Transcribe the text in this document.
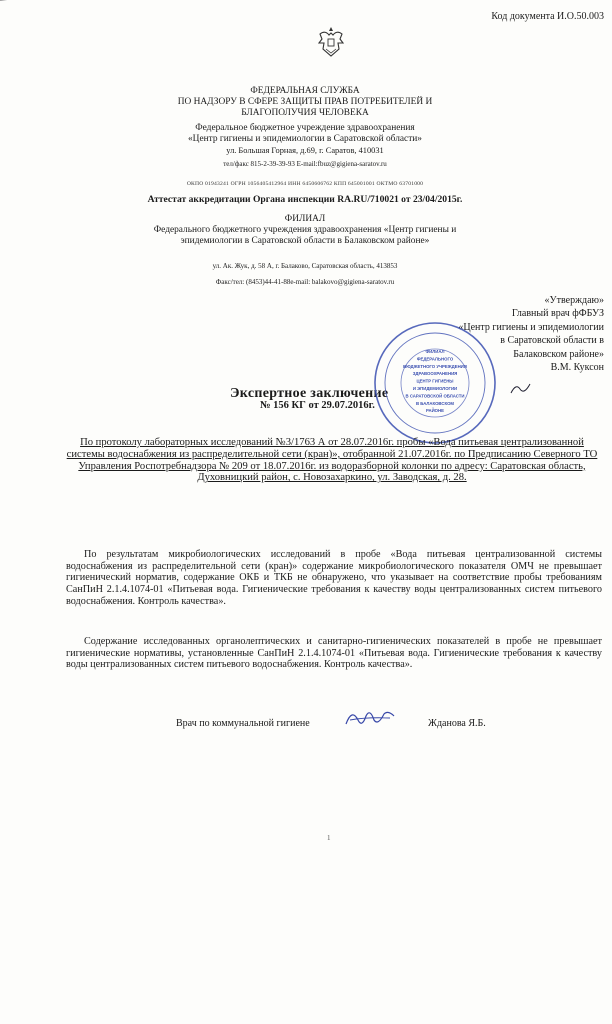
Код документа И.О.50.003
ФЕДЕРАЛЬНАЯ СЛУЖБА
ПО НАДЗОРУ В СФЕРЕ ЗАЩИТЫ ПРАВ ПОТРЕБИТЕЛЕЙ И
БЛАГОПОЛУЧИЯ ЧЕЛОВЕКА
Федеральное бюджетное учреждение здравоохранения
«Центр гигиены и эпидемиологии в Саратовской области»
ул. Большая Горная, д.69, г. Саратов, 410031
тел/факс 815-2-39-39-93 E-mail:fbuz@gigiena-saratov.ru
ОКПО 01943241 ОГРН 1056405412964 ИНН 6450606762 КПП 645001001 ОКТМО 63701000
Аттестат аккредитации Органа инспекции RA.RU/710021 от 23/04/2015г.
ФИЛИАЛ
Федерального бюджетного учреждения здравоохранения «Центр гигиены и
эпидемиологии в Саратовской области в Балаковском районе»
ул. Ак. Жук, д. 58 А, г. Балаково, Саратовская область, 413853
Факс/тел: (8453)44-41-88e-mail: balakovo@gigiena-saratov.ru
«Утверждаю»
Главный врач фФБУЗ
«Центр гигиены и эпидемиологии
в Саратовской области в
Балаковском районе»
В.М. Куксон
Экспертное заключение
№ 156 КГ от 29.07.2016г.
ФИЛИАЛ
ФЕДЕРАЛЬНОГО
БЮДЖЕТНОГО УЧРЕЖДЕНИЯ
ЗДРАВООХРАНЕНИЯ
ЦЕНТР ГИГИЕНЫ
И ЭПИДЕМИОЛОГИИ
В САРАТОВСКОЙ ОБЛАСТИ
В БАЛАКОВСКОМ
РАЙОНЕ
По протоколу лабораторных исследований №3/1763 А от 28.07.2016г. пробы «Вода питьевая централизованной системы водоснабжения из распределительной сети (кран)», отобранной 21.07.2016г. по Предписанию Северного ТО Управления Роспотребнадзора № 209 от 18.07.2016г. из водоразборной колонки по адресу: Саратовская область, Духовницкий район, с. Новозахаркино, ул. Заводская, д. 28.
По результатам микробиологических исследований в пробе «Вода питьевая централизованной системы водоснабжения из распределительной сети (кран)» содержание микробиологического показателя ОМЧ не превышает гигиенический норматив, содержание ОКБ и ТКБ не обнаружено, что указывает на соответствие пробы требованиям СанПиН 2.1.4.1074-01 «Питьевая вода. Гигиенические требования к качеству воды централизованных систем питьевого водоснабжения. Контроль качества».
Содержание исследованных органолептических и санитарно-гигиенических показателей в пробе не превышает гигиенические нормативы, установленные СанПиН 2.1.4.1074-01 «Питьевая вода. Гигиенические требования к качеству воды централизованных систем питьевого водоснабжения. Контроль качества».
Врач по коммунальной гигиене	Жданова Я.Б.
1
